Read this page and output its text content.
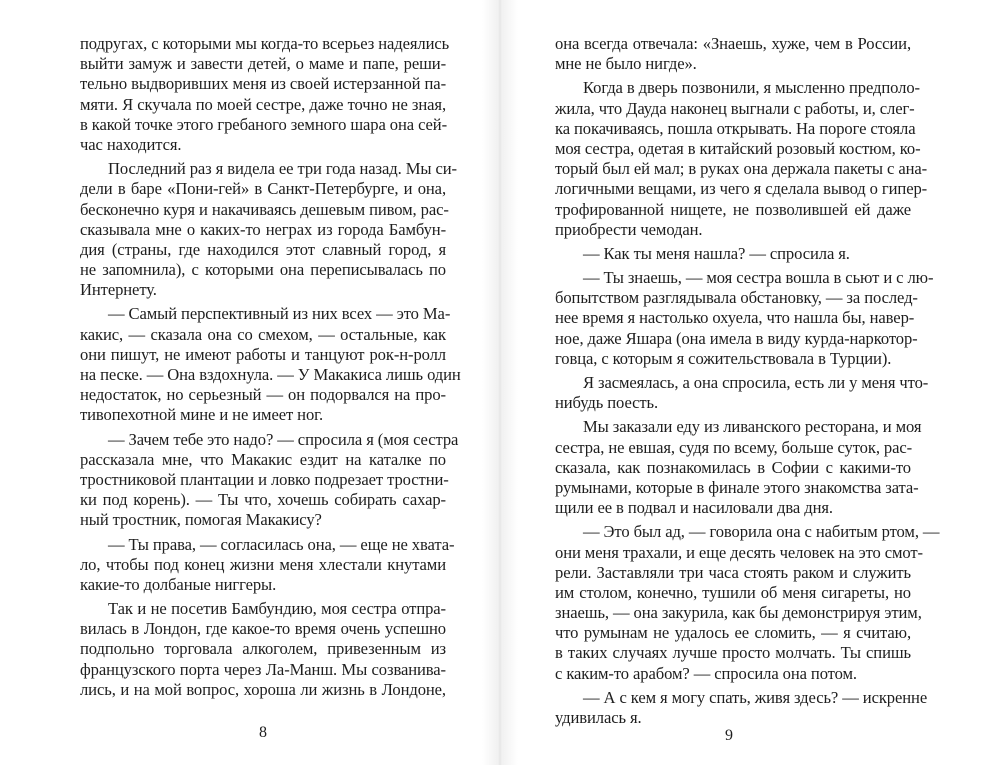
подругах, с которыми мы когда-то всерьез надеялись
выйти замуж и завести детей, о маме и папе, реши-
тельно выдворивших меня из своей истерзанной па-
мяти. Я скучала по моей сестре, даже точно не зная,
в какой точке этого гребаного земного шара она сей-
час находится.
Последний раз я видела ее три года назад. Мы си-
дели в баре «Пони-гей» в Санкт-Петербурге, и она,
бесконечно куря и накачиваясь дешевым пивом, рас-
сказывала мне о каких-то неграх из города Бамбун-
дия (страны, где находился этот славный город, я
не запомнила), с которыми она переписывалась по
Интернету.
— Самый перспективный из них всех — это Ма-
какис, — сказала она со смехом, — остальные, как
они пишут, не имеют работы и танцуют рок-н-ролл
на песке. — Она вздохнула. — У Макакиса лишь один
недостаток, но серьезный — он подорвался на про-
тивопехотной мине и не имеет ног.
— Зачем тебе это надо? — спросила я (моя сестра
рассказала мне, что Макакис ездит на каталке по
тростниковой плантации и ловко подрезает тростни-
ки под корень). — Ты что, хочешь собирать сахар-
ный тростник, помогая Макакису?
— Ты права, — согласилась она, — еще не хвата-
ло, чтобы под конец жизни меня хлестали кнутами
какие-то долбаные ниггеры.
Так и не посетив Бамбундию, моя сестра отпра-
вилась в Лондон, где какое-то время очень успешно
подпольно торговала алкоголем, привезенным из
французского порта через Ла-Манш. Мы созванива-
лись, и на мой вопрос, хороша ли жизнь в Лондоне,
она всегда отвечала: «Знаешь, хуже, чем в России,
мне не было нигде».
Когда в дверь позвонили, я мысленно предполо-
жила, что Дауда наконец выгнали с работы, и, слег-
ка покачиваясь, пошла открывать. На пороге стояла
моя сестра, одетая в китайский розовый костюм, ко-
торый был ей мал; в руках она держала пакеты с ана-
логичными вещами, из чего я сделала вывод о гипер-
трофированной нищете, не позволившей ей даже
приобрести чемодан.
— Как ты меня нашла? — спросила я.
— Ты знаешь, — моя сестра вошла в сьют и с лю-
бопытством разглядывала обстановку, — за послед-
нее время я настолько охуела, что нашла бы, навер-
ное, даже Яшара (она имела в виду курда-наркотор-
говца, с которым я сожительствовала в Турции).
Я засмеялась, а она спросила, есть ли у меня что-
нибудь поесть.
Мы заказали еду из ливанского ресторана, и моя
сестра, не евшая, судя по всему, больше суток, рас-
сказала, как познакомилась в Софии с какими-то
румынами, которые в финале этого знакомства зата-
щили ее в подвал и насиловали два дня.
— Это был ад, — говорила она с набитым ртом, —
они меня трахали, и еще десять человек на это смот-
рели. Заставляли три часа стоять раком и служить
им столом, конечно, тушили об меня сигареты, но
знаешь, — она закурила, как бы демонстрируя этим,
что румынам не удалось ее сломить, — я считаю,
в таких случаях лучше просто молчать. Ты спишь
с каким-то арабом? — спросила она потом.
— А с кем я могу спать, живя здесь? — искренне
удивилась я.
8	9
